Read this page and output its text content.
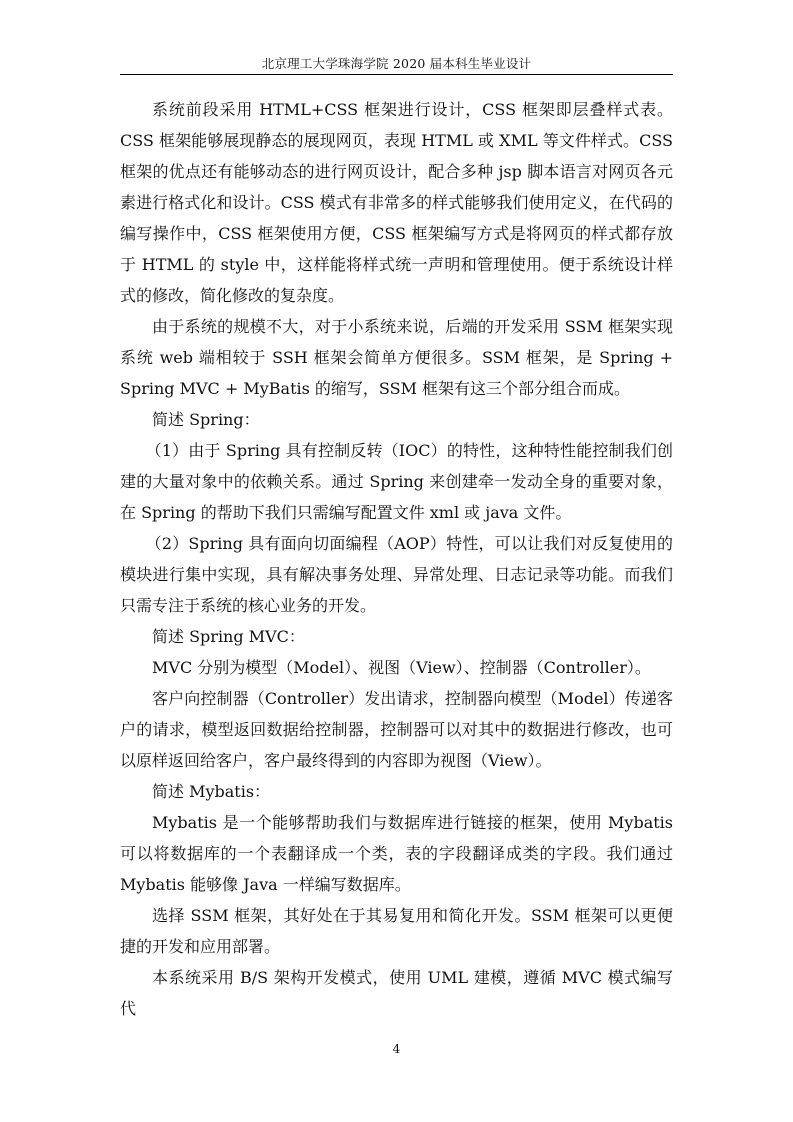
北京理工大学珠海学院 2020 届本科生毕业设计

系统前段采用 HTML+CSS 框架进行设计，CSS 框架即层叠样式表。CSS 框架能够展现静态的展现网页，表现 HTML 或 XML 等文件样式。CSS 框架的优点还有能够动态的进行网页设计，配合多种 jsp 脚本语言对网页各元素进行格式化和设计。CSS 模式有非常多的样式能够我们使用定义，在代码的编写操作中，CSS 框架使用方便，CSS 框架编写方式是将网页的样式都存放于 HTML 的 style 中，这样能将样式统一声明和管理使用。便于系统设计样式的修改，简化修改的复杂度。

由于系统的规模不大，对于小系统来说，后端的开发采用 SSM 框架实现系统 web 端相较于 SSH 框架会简单方便很多。SSM 框架，是 Spring + Spring MVC + MyBatis 的缩写，SSM 框架有这三个部分组合而成。

简述 Spring：

（1）由于 Spring 具有控制反转（IOC）的特性，这种特性能控制我们创建的大量对象中的依赖关系。通过 Spring 来创建牵一发动全身的重要对象，在 Spring 的帮助下我们只需编写配置文件 xml 或 java 文件。

（2）Spring 具有面向切面编程（AOP）特性，可以让我们对反复使用的模块进行集中实现，具有解决事务处理、异常处理、日志记录等功能。而我们只需专注于系统的核心业务的开发。

简述 Spring MVC：

MVC 分别为模型（Model）、视图（View）、控制器（Controller）。

客户向控制器（Controller）发出请求，控制器向模型（Model）传递客户的请求，模型返回数据给控制器，控制器可以对其中的数据进行修改，也可以原样返回给客户，客户最终得到的内容即为视图（View）。

简述 Mybatis：

Mybatis 是一个能够帮助我们与数据库进行链接的框架，使用 Mybatis 可以将数据库的一个表翻译成一个类，表的字段翻译成类的字段。我们通过 Mybatis 能够像 Java 一样编写数据库。

选择 SSM 框架，其好处在于其易复用和简化开发。SSM 框架可以更便捷的开发和应用部署。

本系统采用 B/S 架构开发模式，使用 UML 建模，遵循 MVC 模式编写代

4
